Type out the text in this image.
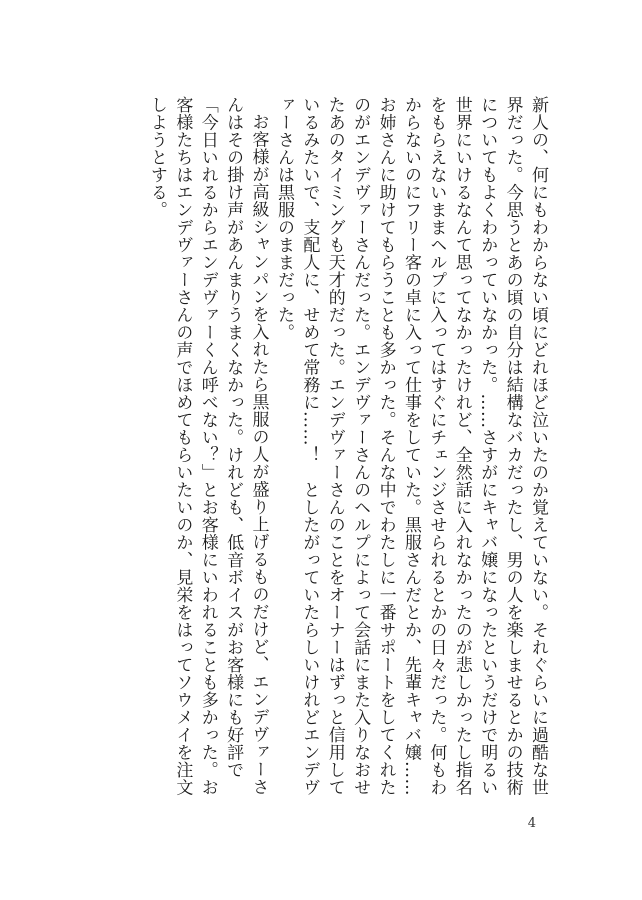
新人の、何にもわからない頃にどれほど泣いたのか覚えていない。それぐらいに過酷な世界だった。今思うとあの頃の自分は結構なバカだったし、男の人を楽しませるとかの技術についてもよくわかっていなかった。……さすがにキャバ嬢になったというだけで明るい世界にいけるなんて思ってなかったけれど、全然話に入れなかったのが悲しかったし指名をもらえないままヘルプに入ってはすぐにチェンジさせられるとかの日々だった。何もわからないのにフリー客の卓に入って仕事をしていた。黒服さんだとか、先輩キャバ嬢……お姉さんに助けてもらうことも多かった。そんな中でわたしに一番サポートをしてくれたのがエンデヴァーさんだった。エンデヴァーさんのヘルプによって会話にまた入りなおせたあのタイミングも天才的だった。エンデヴァーさんのことをオーナーはずっと信用しているみたいで、支配人に、せめて常務に……！　としたがっていたらしいけれどエンデヴァーさんは黒服のままだった。

お客様が高級シャンパンを入れたら黒服の人が盛り上げるものだけど、エンデヴァーさんはその掛け声があんまりうまくなかった。けれども、低音ボイスがお客様にも好評で「今日いれるからエンデヴァーくん呼べない？」とお客様にいわれることも多かった。お客様たちはエンデヴァーさんの声でほめてもらいたいのか、見栄をはってソウメイを注文しようとする。

4
